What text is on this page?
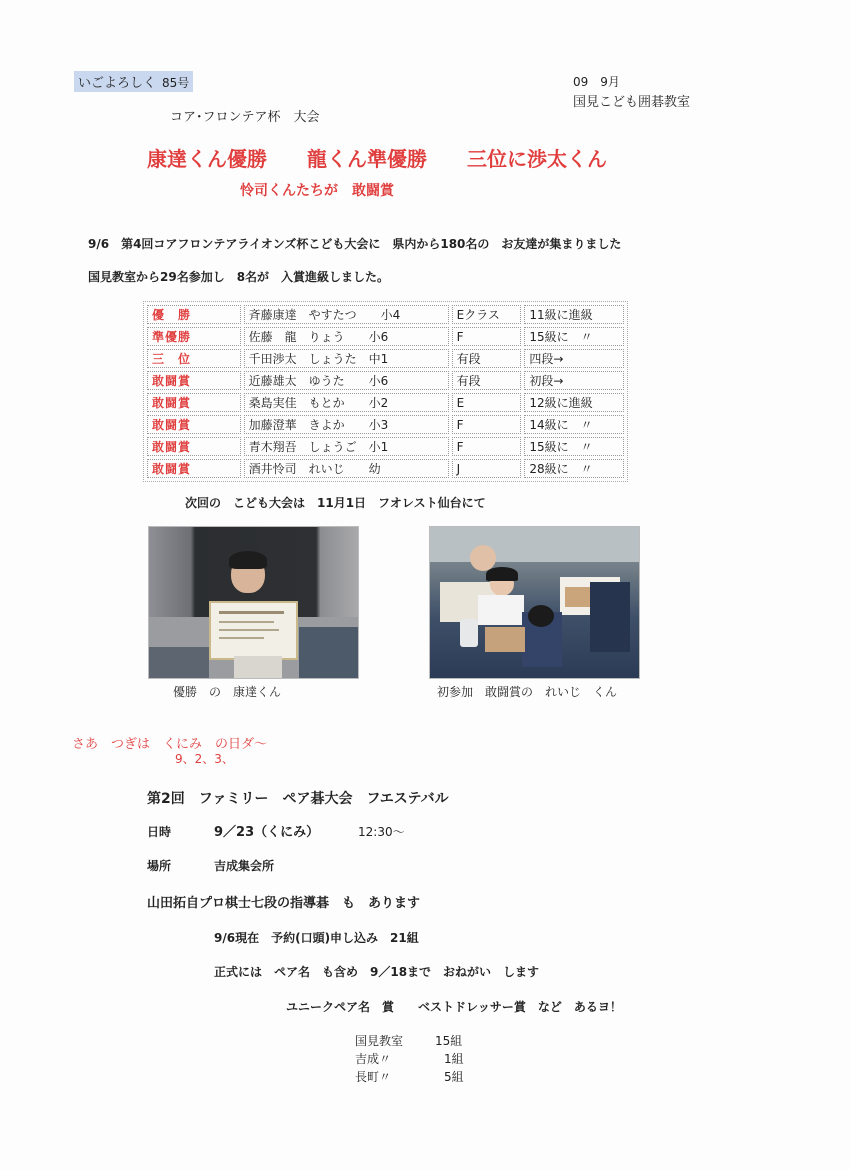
いごよろしく 85号	09　9月
国見こども囲碁教室
コア･フロンテア杯　大会
康達くん優勝　　龍くん準優勝　　三位に渉太くん
怜司くんたちが　敢闘賞
9/6　第4回コアフロンテアライオンズ杯こども大会に　県内から180名の　お友達が集まりました
国見教室から29名参加し　8名が　入賞進級しました。
優　勝	斉藤康達　やすたつ　　小4	Eクラス	11級に進級
準優勝	佐藤　龍　りょう　　小6	F	15級に　〃
三　位	千田渉太　しょうた　中1	有段	四段→
敢闘賞	近藤雄太　ゆうた　　小6	有段	初段→
敢闘賞	桑島実佳　もとか　　小2	E	12級に進級
敢闘賞	加藤澄華　きよか　　小3	F	14級に　〃
敢闘賞	青木翔吾　しょうご　小1	F	15級に　〃
敢闘賞	酒井怜司　れいじ　　幼	J	28級に　〃
次回の　こども大会は　11月1日　フオレスト仙台にて
優勝　の　康達くん	初参加　敢闘賞の　れいじ　くん
さあ　つぎは　くにみ　の日ダ〜
9、2、3、
第2回　ファミリー　ペア碁大会　フエステバル
日時	9／23（くにみ）	12:30〜
場所	吉成集会所
山田拓自プロ棋士七段の指導碁　も　あります
9/6現在　予約(口頭)申し込み　21組
正式には　ペア名　も含め　9／18まで　おねがい　します
ユニークペア名　賞　　ベストドレッサー賞　など　あるヨ！
国見教室	15組
吉成〃	1組
長町〃	5組
